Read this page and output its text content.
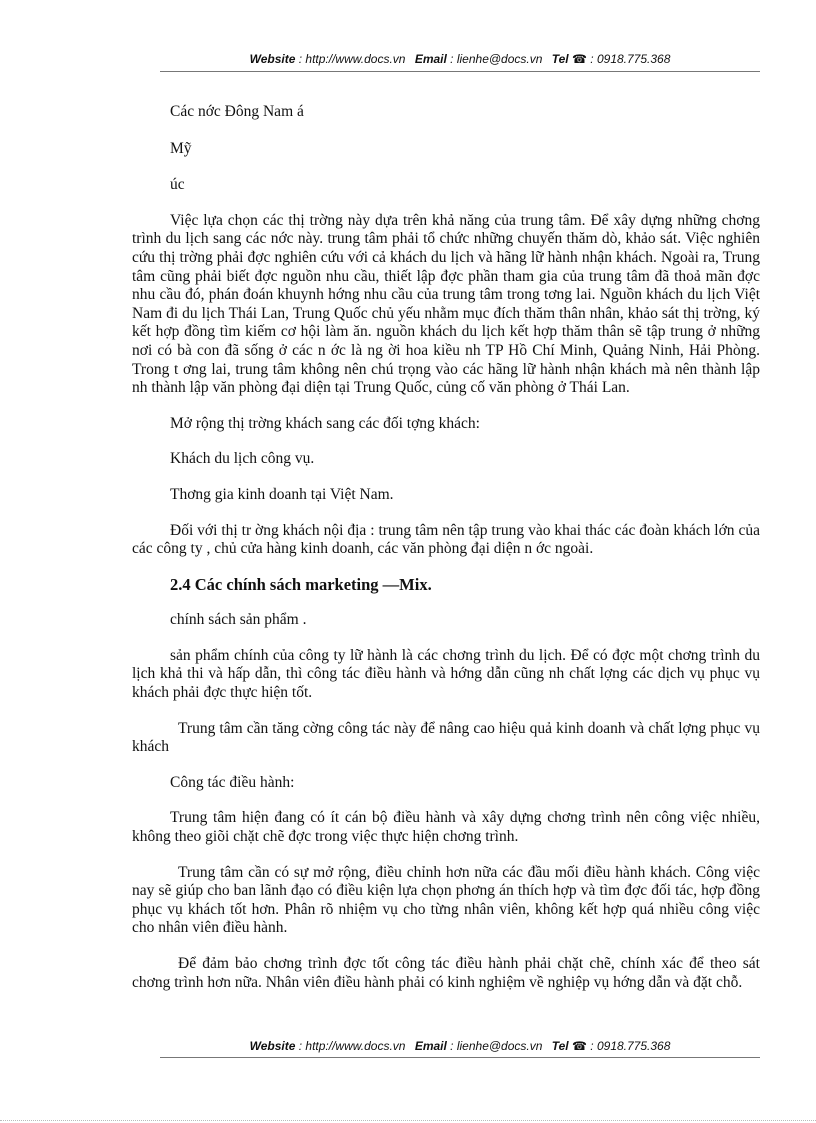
Website : http://www.docs.vn Email : lienhe@docs.vn Tel ☎ : 0918.775.368

Các nớc Đông Nam á

Mỹ

úc

Việc lựa chọn các thị trờng này dựa trên khả năng của trung tâm. Để xây dựng những chơng trình du lịch sang các nớc này. trung tâm phải tổ chức những chuyến thăm dò, khảo sát. Việc nghiên cứu thị trờng phải đợc nghiên cứu với cả khách du lịch và hãng lữ hành nhận khách. Ngoài ra, Trung tâm cũng phải biết đợc nguồn nhu cầu, thiết lập đợc phần tham gia của trung tâm đã thoả mãn đợc nhu cầu đó, phán đoán khuynh hớng nhu cầu của trung tâm trong tơng lai. Nguồn khách du lịch Việt Nam đi du lịch Thái Lan, Trung Quốc chủ yếu nhằm mục đích thăm thân nhân, khảo sát thị trờng, ký kết hợp đồng tìm kiếm cơ hội làm ăn. nguồn khách du lịch kết hợp thăm thân sẽ tập trung ở những nơi có bà con đã sống ở các n ớc là ng ời hoa kiều nh TP Hồ Chí Minh, Quảng Ninh, Hải Phòng. Trong t ơng lai, trung tâm không nên chú trọng vào các hãng lữ hành nhận khách mà nên thành lập nh thành lập văn phòng đại diện tại Trung Quốc, củng cố văn phòng ở Thái Lan.

Mở rộng thị trờng khách sang các đối tợng khách:

Khách du lịch công vụ.

Thơng gia kinh doanh tại Việt Nam.

Đối với thị tr ờng khách nội địa : trung tâm nên tập trung vào khai thác các đoàn khách lớn của các công ty , chủ cửa hàng kinh doanh, các văn phòng đại diện n ớc ngoài.

2.4 Các chính sách marketing —Mix.

chính sách sản phẩm .

sản phẩm chính của công ty lữ hành là các chơng trình du lịch. Để có đợc một chơng trình du lịch khả thi và hấp dẫn, thì công tác điều hành và hớng dẫn cũng nh chất lợng các dịch vụ phục vụ khách phải đợc thực hiện tốt.

Trung tâm cần tăng cờng công tác này để nâng cao hiệu quả kinh doanh và chất lợng phục vụ khách

Công tác điều hành:

Trung tâm hiện đang có ít cán bộ điều hành và xây dựng chơng trình nên công việc nhiều, không theo giõi chặt chẽ đợc trong việc thực hiện chơng trình.

Trung tâm cần có sự mở rộng, điều chỉnh hơn nữa các đầu mối điều hành khách. Công việc nay sẽ giúp cho ban lãnh đạo có điều kiện lựa chọn phơng án thích hợp và tìm đợc đối tác, hợp đồng phục vụ khách tốt hơn. Phân rõ nhiệm vụ cho từng nhân viên, không kết hợp quá nhiều công việc cho nhân viên điều hành.

Để đảm bảo chơng trình đợc tốt công tác điều hành phải chặt chẽ, chính xác để theo sát chơng trình hơn nữa. Nhân viên điều hành phải có kinh nghiệm về nghiệp vụ hớng dẫn và đặt chỗ.

Website : http://www.docs.vn Email : lienhe@docs.vn Tel ☎ : 0918.775.368
